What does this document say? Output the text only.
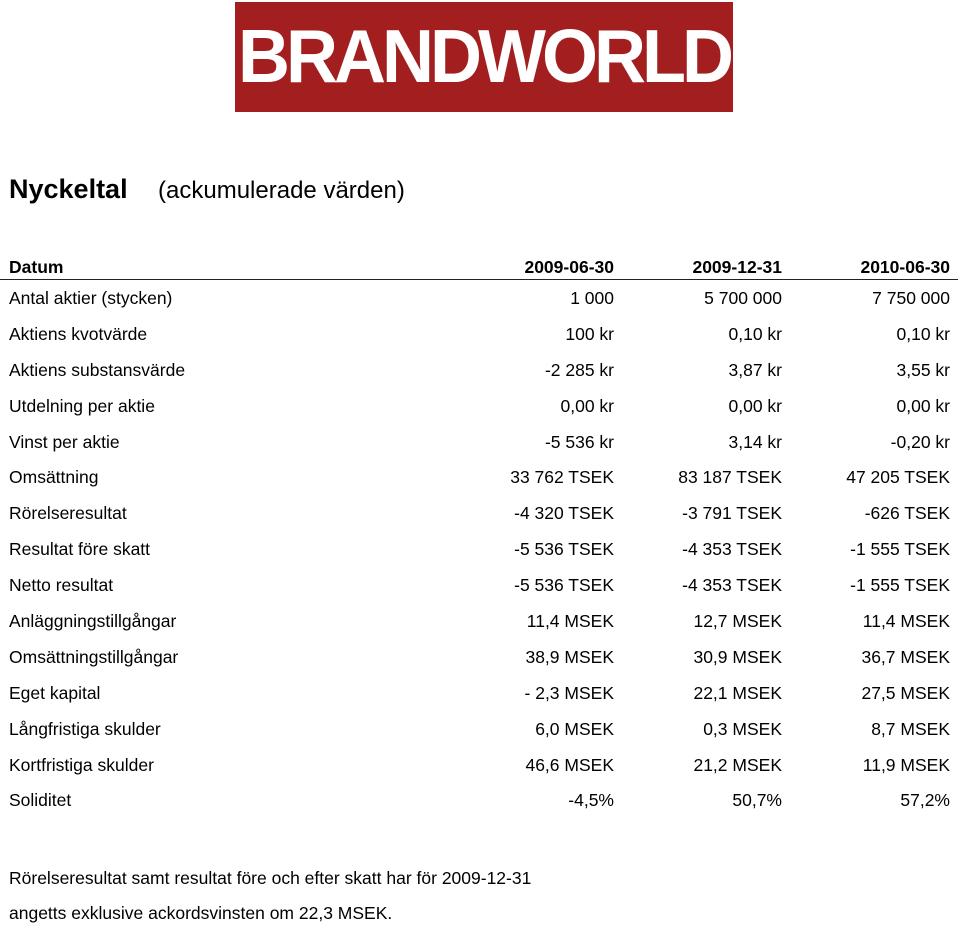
BRANDWORLD
Nyckeltal (ackumulerade värden)
Datum	2009-06-30	2009-12-31	2010-06-30
Antal aktier (stycken)	1 000	5 700 000	7 750 000
Aktiens kvotvärde	100 kr	0,10 kr	0,10 kr
Aktiens substansvärde	-2 285 kr	3,87 kr	3,55 kr
Utdelning per aktie	0,00 kr	0,00 kr	0,00 kr
Vinst per aktie	-5 536 kr	3,14 kr	-0,20 kr
Omsättning	33 762 TSEK	83 187 TSEK	47 205 TSEK
Rörelseresultat	-4 320 TSEK	-3 791 TSEK	-626 TSEK
Resultat före skatt	-5 536 TSEK	-4 353 TSEK	-1 555 TSEK
Netto resultat	-5 536 TSEK	-4 353 TSEK	-1 555 TSEK
Anläggningstillgångar	11,4 MSEK	12,7 MSEK	11,4 MSEK
Omsättningstillgångar	38,9 MSEK	30,9 MSEK	36,7 MSEK
Eget kapital	- 2,3 MSEK	22,1 MSEK	27,5 MSEK
Långfristiga skulder	6,0 MSEK	0,3 MSEK	8,7 MSEK
Kortfristiga skulder	46,6 MSEK	21,2 MSEK	11,9 MSEK
Soliditet	-4,5%	50,7%	57,2%
Rörelseresultat samt resultat före och efter skatt har för 2009-12-31
angetts exklusive ackordsvinsten om 22,3 MSEK.
